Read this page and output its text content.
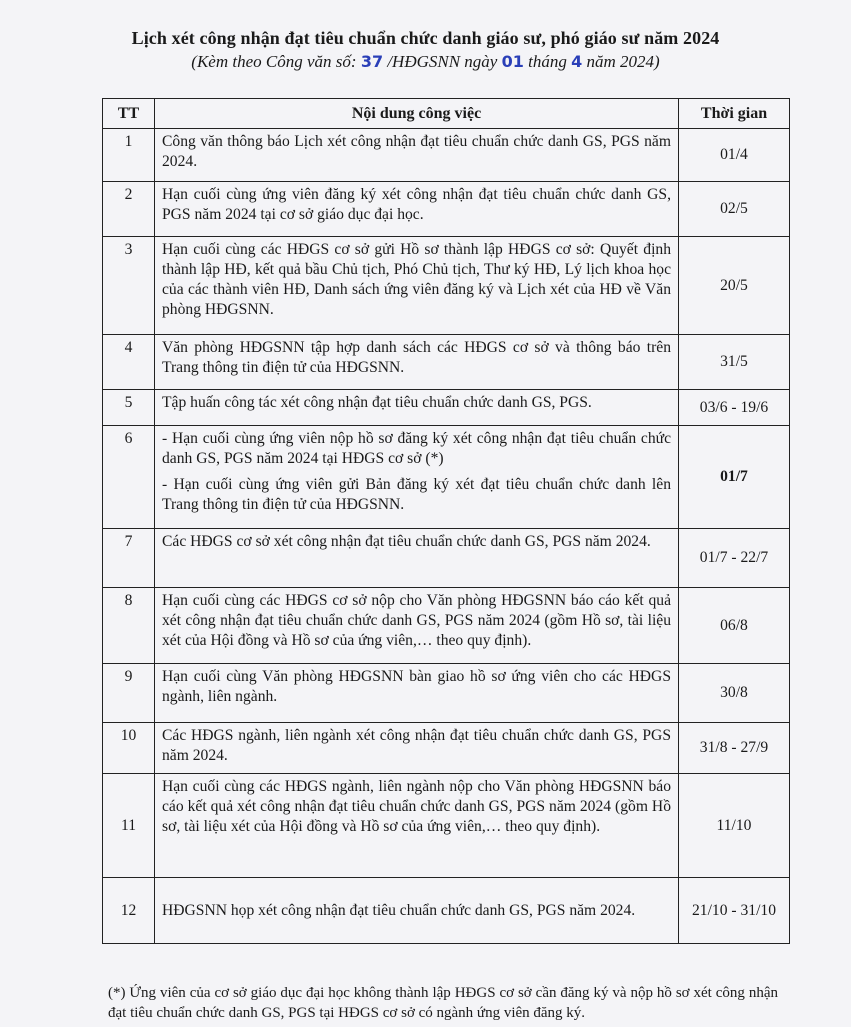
Lịch xét công nhận đạt tiêu chuẩn chức danh giáo sư, phó giáo sư năm 2024
(Kèm theo Công văn số: 37 /HĐGSNN ngày 01 tháng 4 năm 2024)
TT	Nội dung công việc	Thời gian
1	Công văn thông báo Lịch xét công nhận đạt tiêu chuẩn chức danh GS, PGS năm 2024.	01/4
2	Hạn cuối cùng ứng viên đăng ký xét công nhận đạt tiêu chuẩn chức danh GS, PGS năm 2024 tại cơ sở giáo dục đại học.	02/5
3	Hạn cuối cùng các HĐGS cơ sở gửi Hồ sơ thành lập HĐGS cơ sở: Quyết định thành lập HĐ, kết quả bầu Chủ tịch, Phó Chủ tịch, Thư ký HĐ, Lý lịch khoa học của các thành viên HĐ, Danh sách ứng viên đăng ký và Lịch xét của HĐ về Văn phòng HĐGSNN.	20/5
4	Văn phòng HĐGSNN tập hợp danh sách các HĐGS cơ sở và thông báo trên Trang thông tin điện tử của HĐGSNN.	31/5
5	Tập huấn công tác xét công nhận đạt tiêu chuẩn chức danh GS, PGS.	03/6 - 19/6
6	- Hạn cuối cùng ứng viên nộp hồ sơ đăng ký xét công nhận đạt tiêu chuẩn chức danh GS, PGS năm 2024 tại HĐGS cơ sở (*)
- Hạn cuối cùng ứng viên gửi Bản đăng ký xét đạt tiêu chuẩn chức danh lên Trang thông tin điện tử của HĐGSNN.	01/7
7	Các HĐGS cơ sở xét công nhận đạt tiêu chuẩn chức danh GS, PGS năm 2024.	01/7 - 22/7
8	Hạn cuối cùng các HĐGS cơ sở nộp cho Văn phòng HĐGSNN báo cáo kết quả xét công nhận đạt tiêu chuẩn chức danh GS, PGS năm 2024 (gồm Hồ sơ, tài liệu xét của Hội đồng và Hồ sơ của ứng viên,… theo quy định).	06/8
9	Hạn cuối cùng Văn phòng HĐGSNN bàn giao hồ sơ ứng viên cho các HĐGS ngành, liên ngành.	30/8
10	Các HĐGS ngành, liên ngành xét công nhận đạt tiêu chuẩn chức danh GS, PGS năm 2024.	31/8 - 27/9
11	Hạn cuối cùng các HĐGS ngành, liên ngành nộp cho Văn phòng HĐGSNN báo cáo kết quả xét công nhận đạt tiêu chuẩn chức danh GS, PGS năm 2024 (gồm Hồ sơ, tài liệu xét của Hội đồng và Hồ sơ của ứng viên,… theo quy định).	11/10
12	HĐGSNN họp xét công nhận đạt tiêu chuẩn chức danh GS, PGS năm 2024.	21/10 - 31/10
(*) Ứng viên của cơ sở giáo dục đại học không thành lập HĐGS cơ sở cần đăng ký và nộp hồ sơ xét công nhận đạt tiêu chuẩn chức danh GS, PGS tại HĐGS cơ sở có ngành ứng viên đăng ký.
